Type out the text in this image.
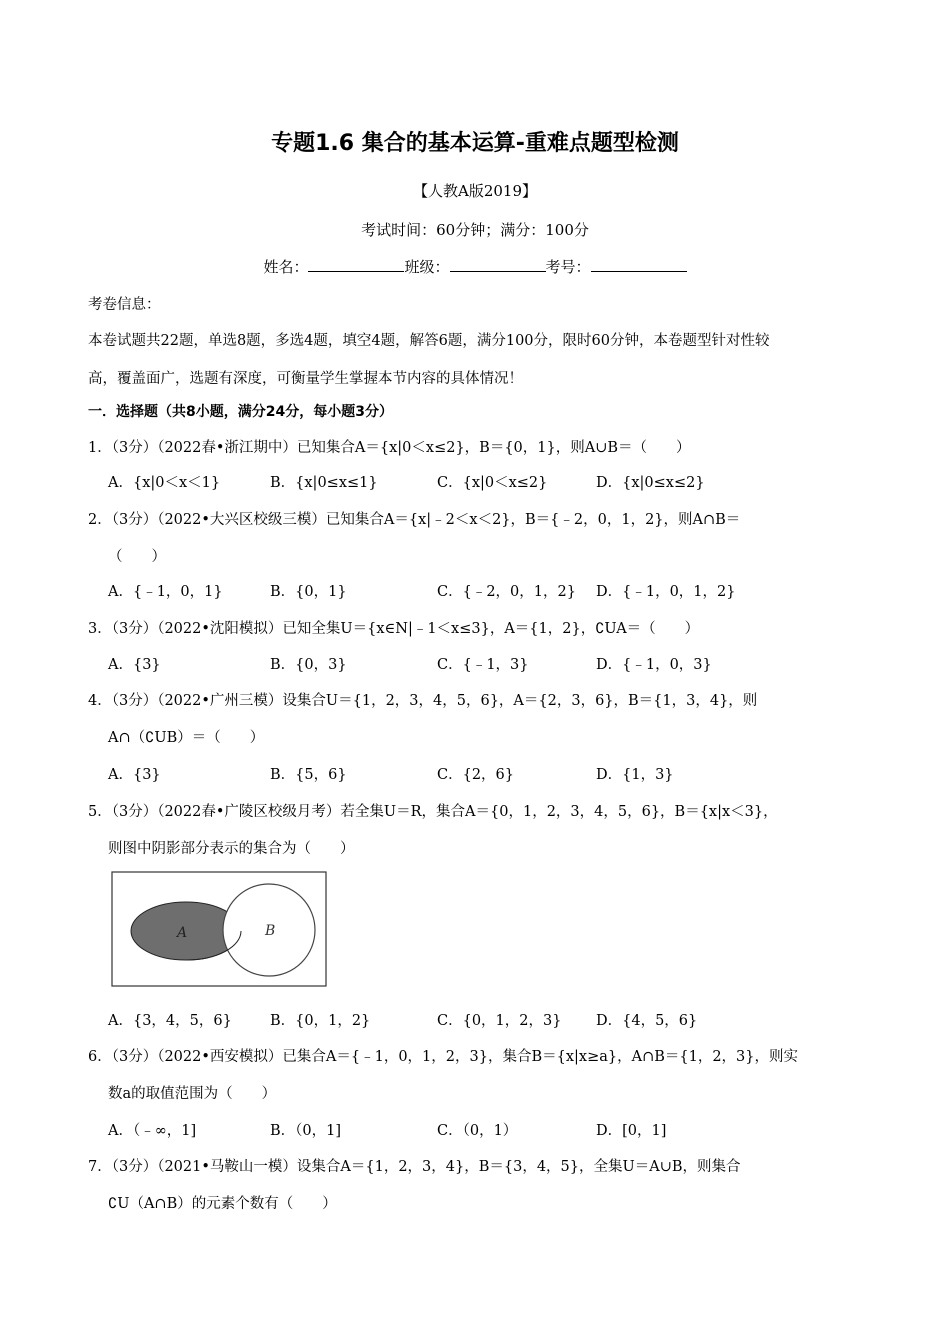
专题1.6 集合的基本运算-重难点题型检测
【人教A版2019】
考试时间：60分钟；满分：100分
姓名：	班级：	考号：
考卷信息：
本卷试题共22题，单选8题，多选4题，填空4题，解答6题，满分100分，限时60分钟，本卷题型针对性较
高，覆盖面广，选题有深度，可衡量学生掌握本节内容的具体情况！
一．选择题（共8小题，满分24分，每小题3分）
1．（3分）（2022春•浙江期中）已知集合A＝{x|0＜x≤2}，B＝{0，1}，则A∪B＝（　　）
A．{x|0＜x＜1}	B．{x|0≤x≤1}	C．{x|0＜x≤2}	D．{x|0≤x≤2}
2．（3分）（2022•大兴区校级三模）已知集合A＝{x|﹣2＜x＜2}，B＝{﹣2，0，1，2}，则A∩B＝
（　　）
A．{﹣1，0，1}	B．{0，1}	C．{﹣2，0，1，2} D．{﹣1，0，1，2}
3．（3分）（2022•沈阳模拟）已知全集U＝{x∈N|﹣1＜x≤3}，A＝{1，2}，∁UA＝（　　）
A．{3}	B．{0，3}	C．{﹣1，3}	D．{﹣1，0，3}
4．（3分）（2022•广州三模）设集合U＝{1，2，3，4，5，6}，A＝{2，3，6}，B＝{1，3，4}，则
A∩（∁UB）＝（　　）
A．{3}	B．{5，6}	C．{2，6}	D．{1，3}
5．（3分）（2022春•广陵区校级月考）若全集U＝R，集合A＝{0，1，2，3，4，5，6}，B＝{x|x＜3}，
则图中阴影部分表示的集合为（　　）
A	B
A．{3，4，5，6}	B．{0，1，2}	C．{0，1，2，3} D．{4，5，6}
6．（3分）（2022•西安模拟）已集合A＝{﹣1，0，1，2，3}，集合B＝{x|x≥a}，A∩B＝{1，2，3}，则实
数a的取值范围为（　　）
A．（﹣∞，1]	B．（0，1]	C．（0，1）	D．[0，1]
7．（3分）（2021•马鞍山一模）设集合A＝{1，2，3，4}，B＝{3，4，5}，全集U＝A∪B，则集合
∁U（A∩B）的元素个数有（　　）
